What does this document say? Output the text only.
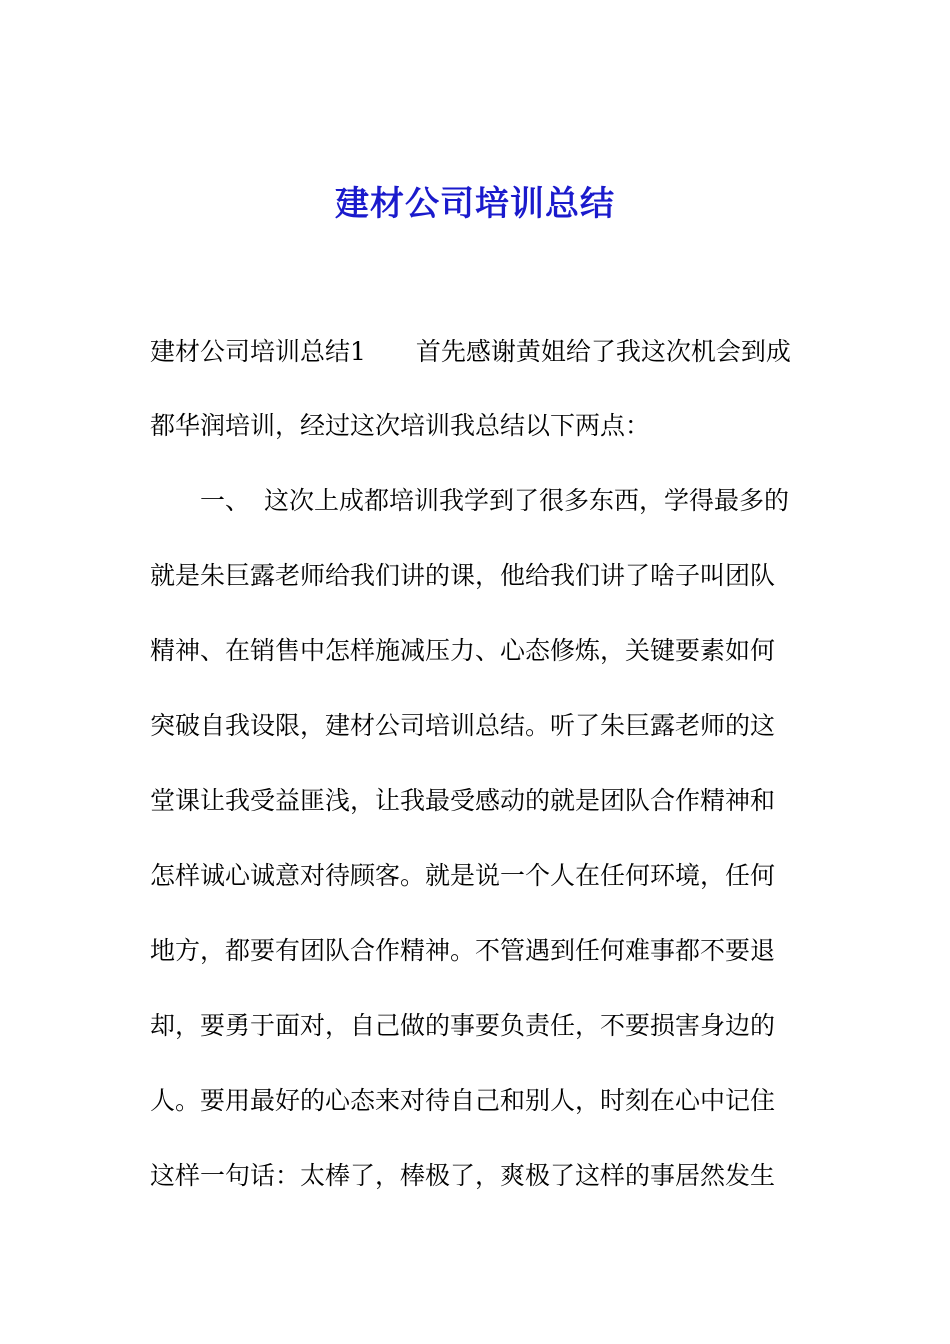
建材公司培训总结

建材公司培训总结1 首先感谢黄姐给了我这次机会到成

都华润培训，经过这次培训我总结以下两点：

一、 这次上成都培训我学到了很多东西，学得最多的

就是朱巨露老师给我们讲的课，他给我们讲了啥子叫团队

精神、在销售中怎样施减压力、心态修炼，关键要素如何

突破自我设限，建材公司培训总结。听了朱巨露老师的这

堂课让我受益匪浅，让我最受感动的就是团队合作精神和

怎样诚心诚意对待顾客。就是说一个人在任何环境，任何

地方，都要有团队合作精神。不管遇到任何难事都不要退

却，要勇于面对，自己做的事要负责任，不要损害身边的

人。要用最好的心态来对待自己和别人，时刻在心中记住

这样一句话：太棒了，棒极了，爽极了这样的事居然发生
